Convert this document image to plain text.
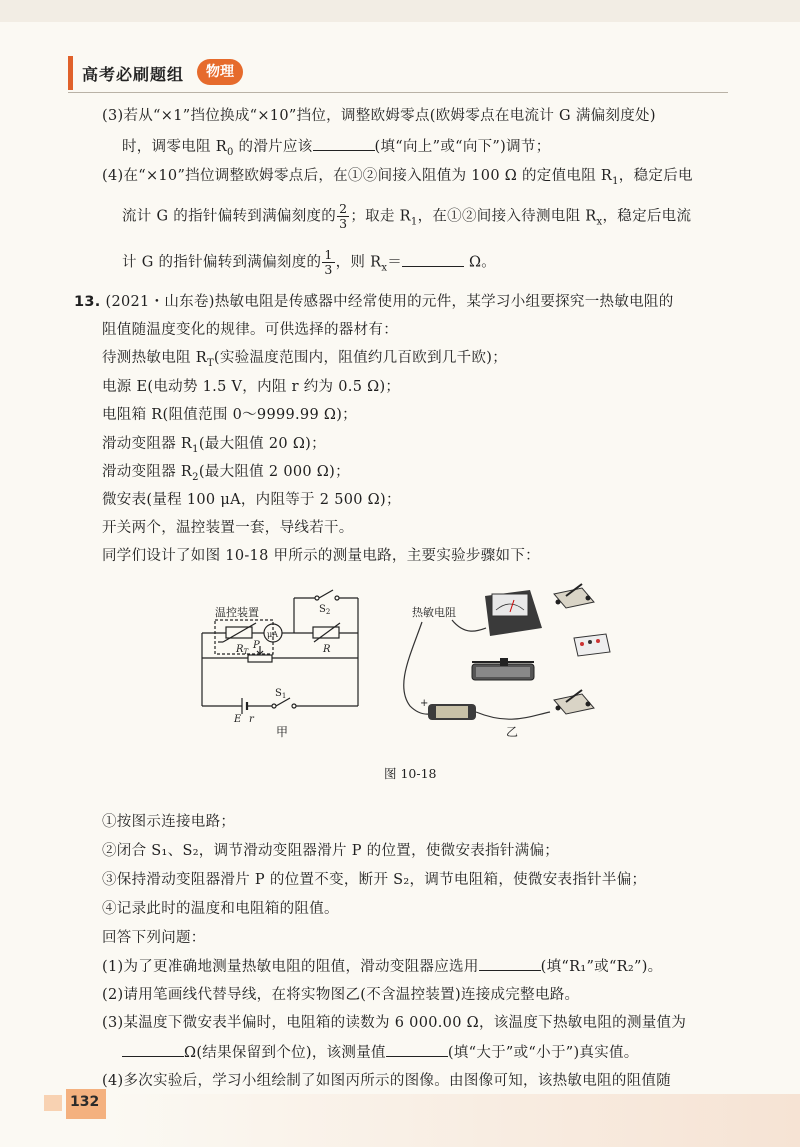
高考必刷题组	物理
(3)若从“×1”挡位换成“×10”挡位，调整欧姆零点(欧姆零点在电流计 G 满偏刻度处)
时，调零电阻 $R_0$ 的滑片应该	(填“向上”或“向下”)调节；
(4)在“×10”挡位调整欧姆零点后，在①②间接入阻值为 100 Ω 的定值电阻 $R_1$，稳定后电
流计 G 的指针偏转到满偏刻度的 $\frac{2}{3}$ ；取走 $R_1$，在①②间接入待测电阻 $R_x$，稳定后电流
计 G 的指针偏转到满偏刻度的 $\frac{1}{3}$ ，则 $R_x=$	Ω。
13. (2021・山东卷)热敏电阻是传感器中经常使用的元件，某学习小组要探究一热敏电阻的
阻值随温度变化的规律。可供选择的器材有：
待测热敏电阻 $R_T$(实验温度范围内，阻值约几百欧到几千欧)；
电源 E(电动势 1.5 V，内阻 r 约为 0.5 Ω)；
电阻箱 R(阻值范围 0～9999.99 Ω)；
滑动变阻器 $R_1$(最大阻值 20 Ω)；
滑动变阻器 $R_2$(最大阻值 2 000 Ω)；
微安表(量程 100 μA，内阻等于 2 500 Ω)；
开关两个，温控装置一套，导线若干。
同学们设计了如图 10-18 甲所示的测量电路，主要实验步骤如下：
温控装置
μA
$R_T$	R
$S_2$
P
$S_1$
E r
甲
热敏电阻
+
乙
图 10-18
①按图示连接电路；
②闭合 S₁、S₂，调节滑动变阻器滑片 P 的位置，使微安表指针满偏；
③保持滑动变阻器滑片 P 的位置不变，断开 S₂，调节电阻箱，使微安表指针半偏；
④记录此时的温度和电阻箱的阻值。
回答下列问题：
(1)为了更准确地测量热敏电阻的阻值，滑动变阻器应选用	(填“R₁”或“R₂”)。
(2)请用笔画线代替导线，在将实物图乙(不含温控装置)连接成完整电路。
(3)某温度下微安表半偏时，电阻箱的读数为 6 000.00 Ω，该温度下热敏电阻的测量值为
Ω(结果保留到个位)，该测量值	(填“大于”或“小于”)真实值。
(4)多次实验后，学习小组绘制了如图丙所示的图像。由图像可知，该热敏电阻的阻值随
132
